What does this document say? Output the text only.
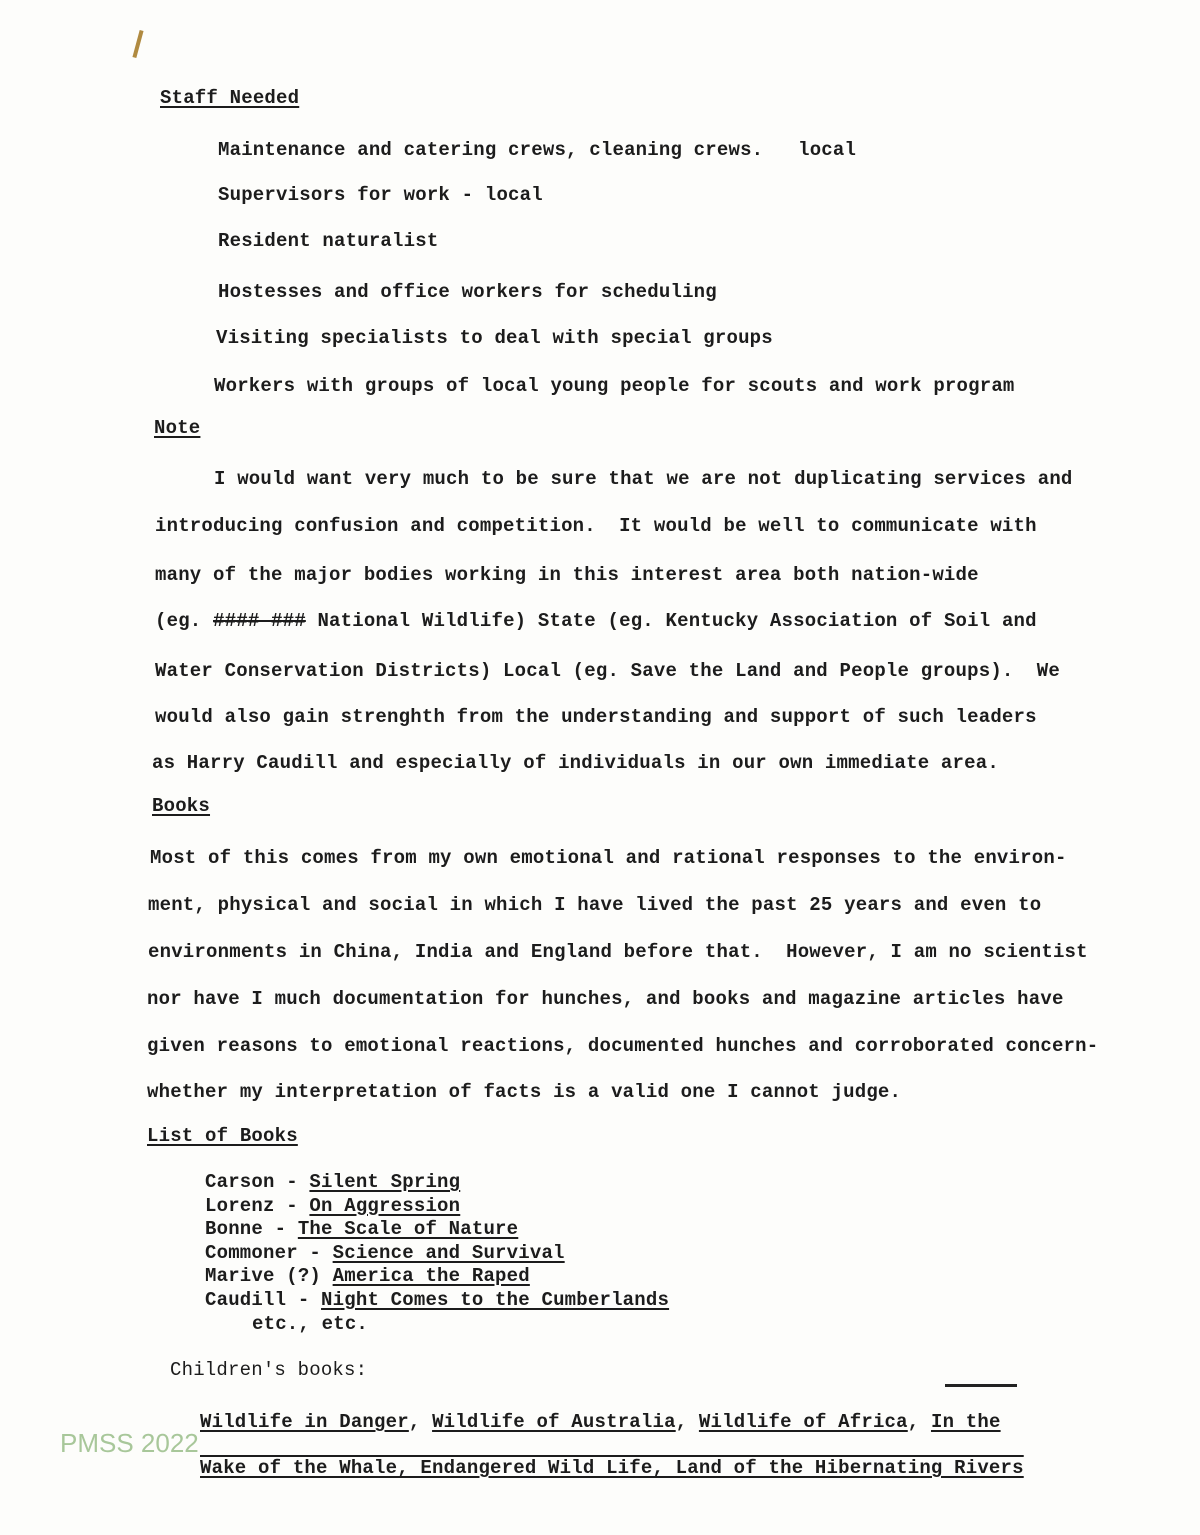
Staff Needed
Maintenance and catering crews, cleaning crews.   local
Supervisors for work - local
Resident naturalist
Hostesses and office workers for scheduling
Visiting specialists to deal with special groups
Workers with groups of local young people for scouts and work program
Note
I would want very much to be sure that we are not duplicating services and
introducing confusion and competition.  It would be well to communicate with
many of the major bodies working in this interest area both nation-wide
(eg. #### ### National Wildlife) State (eg. Kentucky Association of Soil and
Water Conservation Districts) Local (eg. Save the Land and People groups).  We
would also gain strenghth from the understanding and support of such leaders
as Harry Caudill and especially of individuals in our own immediate area.
Books
Most of this comes from my own emotional and rational responses to the environ-
ment, physical and social in which I have lived the past 25 years and even to
environments in China, India and England before that.  However, I am no scientist
nor have I much documentation for hunches, and books and magazine articles have
given reasons to emotional reactions, documented hunches and corroborated concern-
whether my interpretation of facts is a valid one I cannot judge.
List of Books
Carson - Silent Spring
Lorenz - On Aggression
Bonne - The Scale of Nature
Commoner - Science and Survival
Marive (?) America the Raped
Caudill - Night Comes to the Cumberlands
etc., etc.
Children's books:
Wildlife in Danger, Wildlife of Australia, Wildlife of Africa, In the
Wake of the Whale, Endangered Wild Life, Land of the Hibernating Rivers
PMSS 2022
